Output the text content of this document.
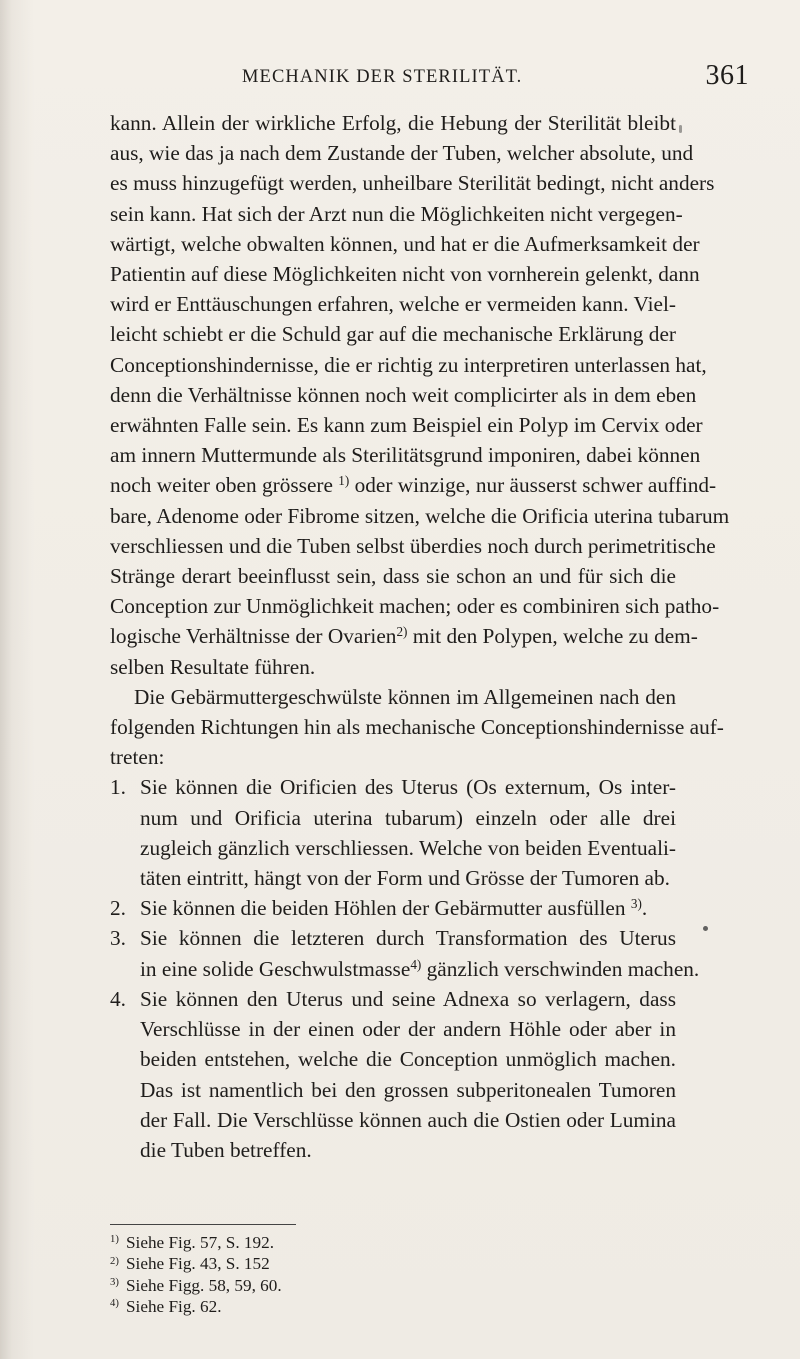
MECHANIK DER STERILITÄT.	361
kann. Allein der wirkliche Erfolg, die Hebung der Sterilität bleibt
aus, wie das ja nach dem Zustande der Tuben, welcher absolute, und
es muss hinzugefügt werden, unheilbare Sterilität bedingt, nicht anders
sein kann. Hat sich der Arzt nun die Möglichkeiten nicht vergegen-
wärtigt, welche obwalten können, und hat er die Aufmerksamkeit der
Patientin auf diese Möglichkeiten nicht von vornherein gelenkt, dann
wird er Enttäuschungen erfahren, welche er vermeiden kann. Viel-
leicht schiebt er die Schuld gar auf die mechanische Erklärung der
Conceptionshindernisse, die er richtig zu interpretiren unterlassen hat,
denn die Verhältnisse können noch weit complicirter als in dem eben
erwähnten Falle sein. Es kann zum Beispiel ein Polyp im Cervix oder
am innern Muttermunde als Sterilitätsgrund imponiren, dabei können
noch weiter oben grössere $^{1)}$ oder winzige, nur äusserst schwer auffind-
bare, Adenome oder Fibrome sitzen, welche die Orificia uterina tubarum
verschliessen und die Tuben selbst überdies noch durch perimetritische
Stränge derart beeinflusst sein, dass sie schon an und für sich die
Conception zur Unmöglichkeit machen; oder es combiniren sich patho-
logische Verhältnisse der Ovarien$^{2)}$ mit den Polypen, welche zu dem-
selben Resultate führen.
Die Gebärmuttergeschwülste können im Allgemeinen nach den
folgenden Richtungen hin als mechanische Conceptionshindernisse auf-
treten:
1. Sie können die Orificien des Uterus (Os externum, Os inter-
num und Orificia uterina tubarum) einzeln oder alle drei
zugleich gänzlich verschliessen. Welche von beiden Eventuali-
täten eintritt, hängt von der Form und Grösse der Tumoren ab.
2. Sie können die beiden Höhlen der Gebärmutter ausfüllen $^{3)}$.
3. Sie können die letzteren durch Transformation des Uterus
in eine solide Geschwulstmasse$^{4)}$ gänzlich verschwinden machen.
4. Sie können den Uterus und seine Adnexa so verlagern, dass
Verschlüsse in der einen oder der andern Höhle oder aber in
beiden entstehen, welche die Conception unmöglich machen.
Das ist namentlich bei den grossen subperitonealen Tumoren
der Fall. Die Verschlüsse können auch die Ostien oder Lumina
die Tuben betreffen.
$^{1)}$ Siehe Fig. 57, S. 192.
$^{2)}$ Siehe Fig. 43, S. 152
$^{3)}$ Siehe Figg. 58, 59, 60.
$^{4)}$ Siehe Fig. 62.
